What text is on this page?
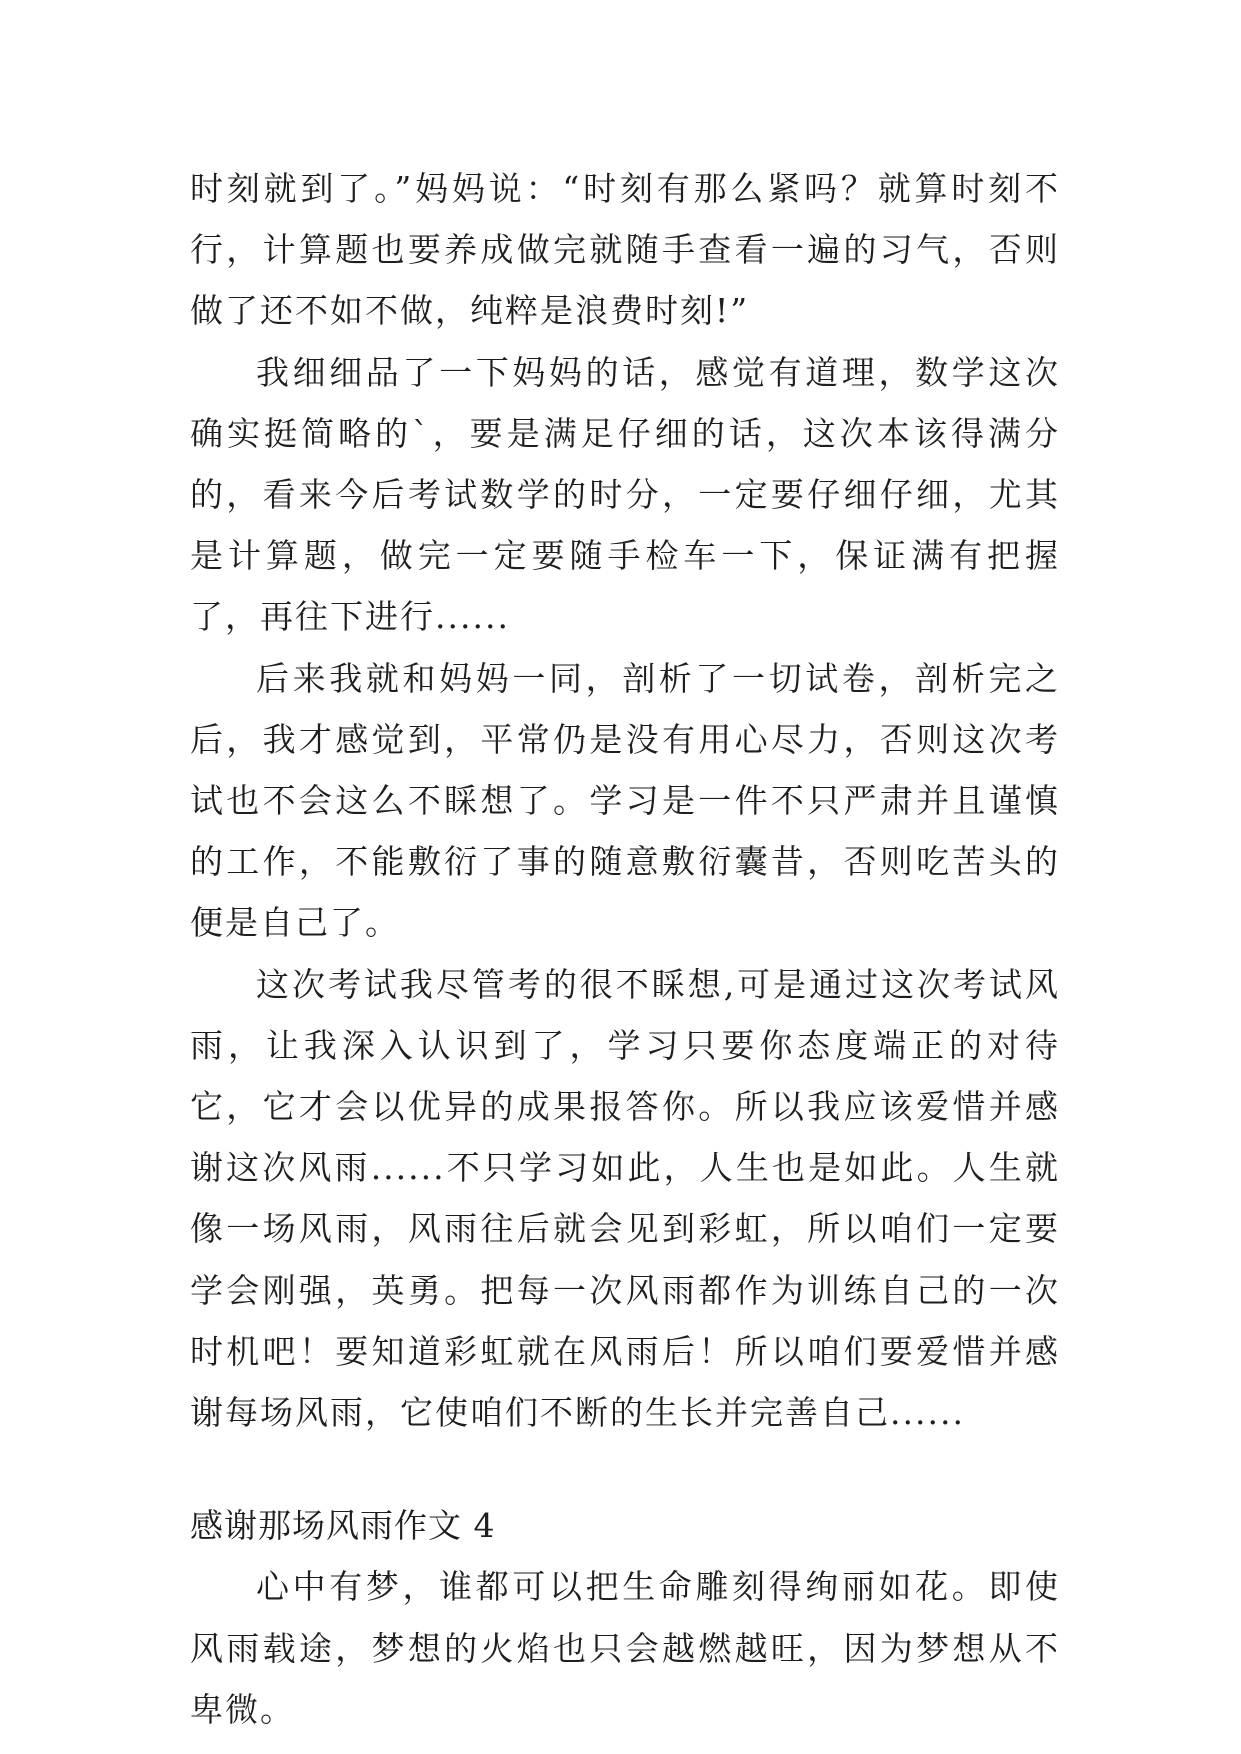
时刻就到了。”妈妈说：“时刻有那么紧吗？就算时刻不行，计算题也要养成做完就随手查看一遍的习气，否则做了还不如不做，纯粹是浪费时刻!”

我细细品了一下妈妈的话，感觉有道理，数学这次确实挺简略的`，要是满足仔细的话，这次本该得满分的，看来今后考试数学的时分，一定要仔细仔细，尤其是计算题，做完一定要随手检车一下，保证满有把握了，再往下进行......

后来我就和妈妈一同，剖析了一切试卷，剖析完之后，我才感觉到，平常仍是没有用心尽力，否则这次考试也不会这么不睬想了。学习是一件不只严肃并且谨慎的工作，不能敷衍了事的随意敷衍囊昔，否则吃苦头的便是自己了。

这次考试我尽管考的很不睬想,可是通过这次考试风雨，让我深入认识到了，学习只要你态度端正的对待它，它才会以优异的成果报答你。所以我应该爱惜并感谢这次风雨......不只学习如此，人生也是如此。人生就像一场风雨，风雨往后就会见到彩虹，所以咱们一定要学会刚强，英勇。把每一次风雨都作为训练自己的一次时机吧！要知道彩虹就在风雨后！所以咱们要爱惜并感谢每场风雨，它使咱们不断的生长并完善自己......

感谢那场风雨作文 4

心中有梦，谁都可以把生命雕刻得绚丽如花。即使风雨载途，梦想的火焰也只会越燃越旺，因为梦想从不卑微。
